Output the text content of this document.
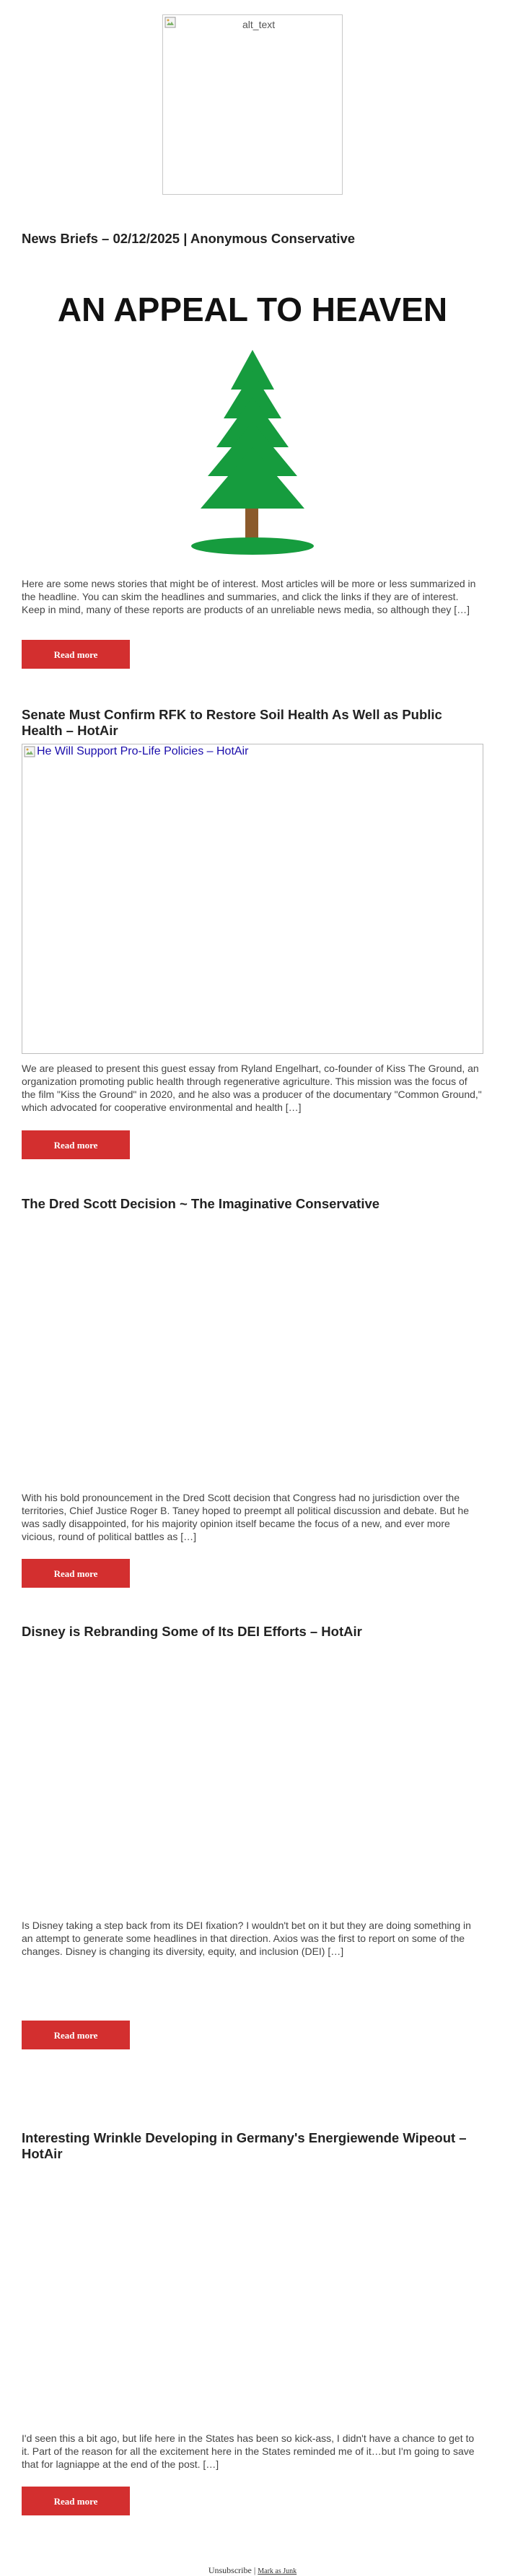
alt_text
News Briefs – 02/12/2025 | Anonymous Conservative
AN APPEAL TO HEAVEN

Here are some news stories that might be of interest. Most articles will be more or less summarized in the headline. You can skim the headlines and summaries, and click the links if they are of interest. Keep in mind, many of these reports are products of an unreliable news media, so although they […]

Read more
Senate Must Confirm RFK to Restore Soil Health As Well as Public Health – HotAir
He Will Support Pro-Life Policies – HotAir

We are pleased to present this guest essay from Ryland Engelhart, co-founder of Kiss The Ground, an organization promoting public health through regenerative agriculture. This mission was the focus of the film "Kiss the Ground" in 2020, and he also was a producer of the documentary "Common Ground," which advocated for cooperative environmental and health […]

Read more
The Dred Scott Decision ~ The Imaginative Conservative

With his bold pronouncement in the Dred Scott decision that Congress had no jurisdiction over the territories, Chief Justice Roger B. Taney hoped to preempt all political discussion and debate. But he was sadly disappointed, for his majority opinion itself became the focus of a new, and ever more vicious, round of political battles as […]

Read more
Disney is Rebranding Some of Its DEI Efforts – HotAir

Is Disney taking a step back from its DEI fixation? I wouldn't bet on it but they are doing something in an attempt to generate some headlines in that direction. Axios was the first to report on some of the changes. Disney is changing its diversity, equity, and inclusion (DEI) […]

Read more
Interesting Wrinkle Developing in Germany's Energiewende Wipeout – HotAir

I'd seen this a bit ago, but life here in the States has been so kick-ass, I didn't have a chance to get to it. Part of the reason for all the excitement here in the States reminded me of it…but I'm going to save that for lagniappe at the end of the post. […]

Read more
Unsubscribe | Mark as Junk
